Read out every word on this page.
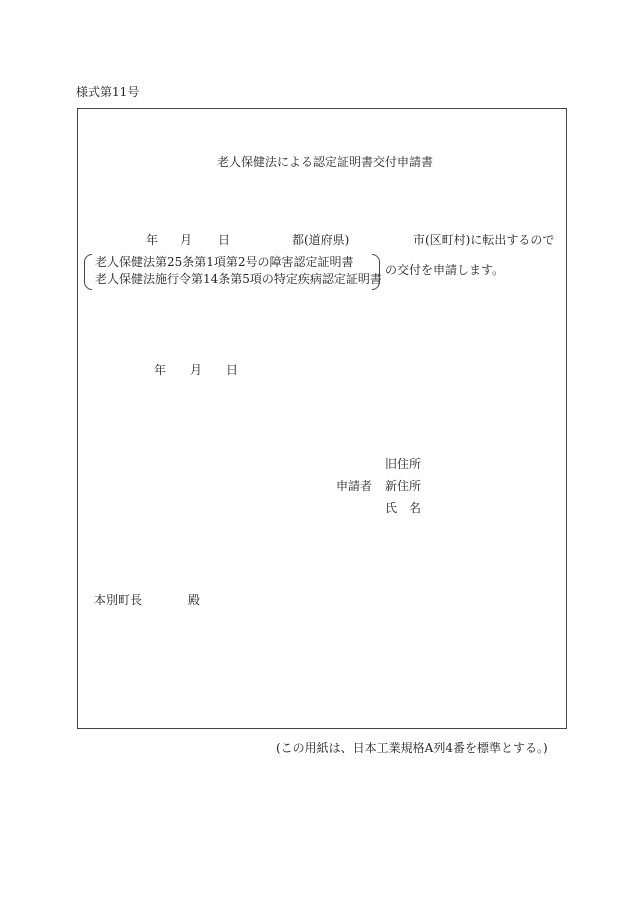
様式第11号
老人保健法による認定証明書交付申請書
年 月 日	都(道府県)	市(区町村)に転出するので
老人保健法第25条第1項第2号の障害認定証明書
老人保健法施行令第14条第5項の特定疾病認定証明書
の交付を申請します。
年 月 日
旧住所
申請者 新住所
氏　名
本別町長	殿
(この用紙は、日本工業規格A列4番を標準とする。)
